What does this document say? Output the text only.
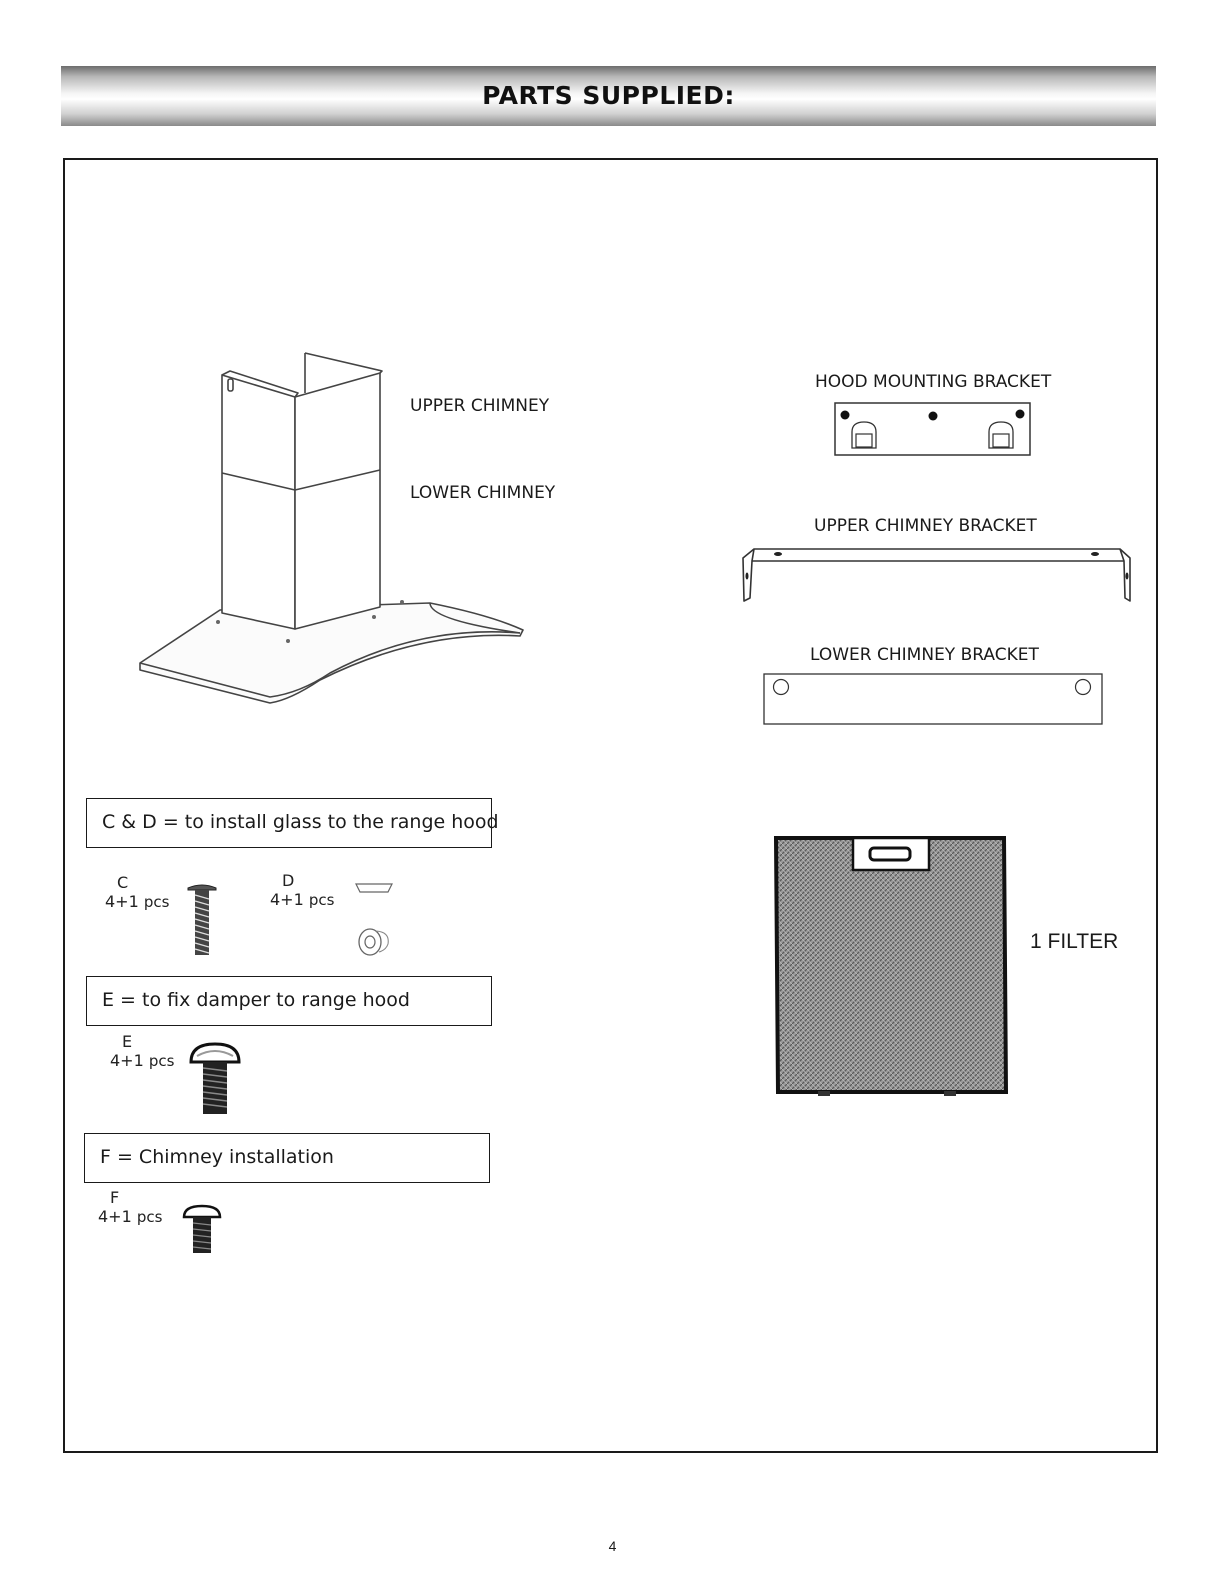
PARTS SUPPLIED:
UPPER CHIMNEY
LOWER CHIMNEY
HOOD MOUNTING BRACKET
UPPER CHIMNEY BRACKET
LOWER CHIMNEY BRACKET
C & D = to install glass to the range hood
C
4+1 pcs
D
4+1 pcs
E = to fix damper to range hood
E
4+1 pcs
F = Chimney installation
F
4+1 pcs
1 FILTER
4
